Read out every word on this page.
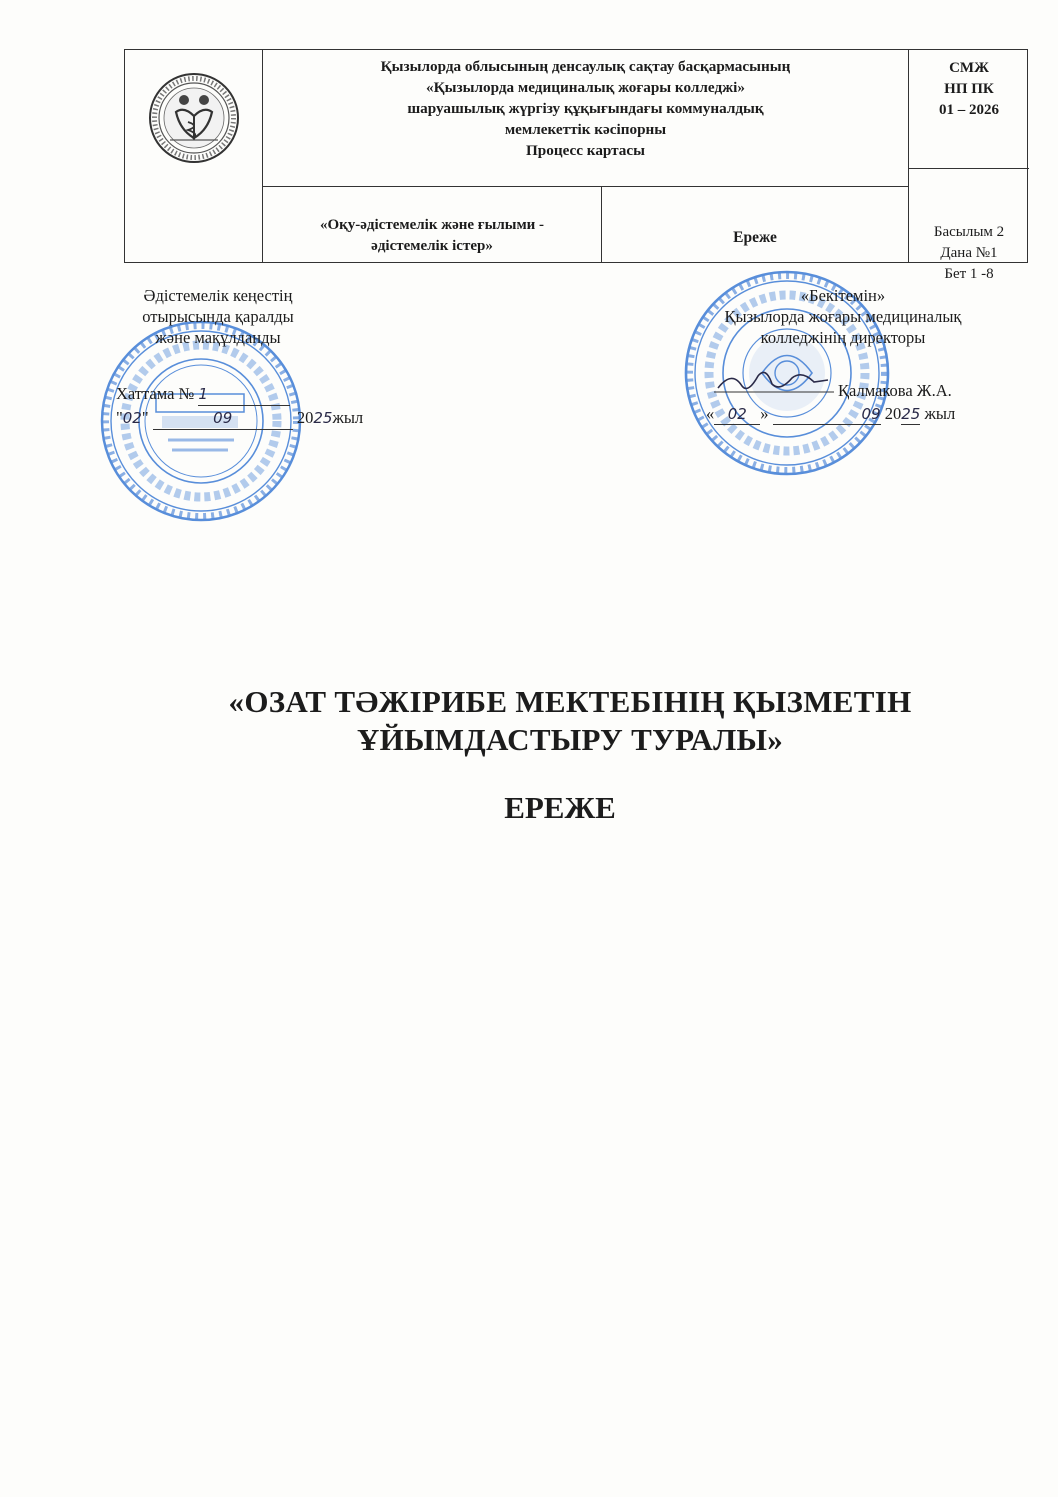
Қызылорда облысының денсаулық сақтау басқармасының
«Қызылорда медициналық жоғары колледжі»
шаруашылық жүргізу құқығындағы коммуналдық
мемлекеттік кәсіпорны
Процесс картасы
СМЖ
НП ПК
01 – 2026
Басылым 2
Дана №1
Бет 1 -8
«Оқу-әдістемелік және ғылыми -
әдістемелік істер»	Ереже
Әдістемелік кеңестің
отырысында қаралды
және мақұлданды
Хаттама № 1
"02"	09	2025жыл
«Бекітемін»
Қызылорда жоғары медициналық
колледжінің директоры
Қалмакова Ж.А.
« 02 »	09 2025 жыл
«ОЗАТ ТӘЖІРИБЕ МЕКТЕБІНІҢ ҚЫЗМЕТІН
ҰЙЫМДАСТЫРУ ТУРАЛЫ»
ЕРЕЖЕ
